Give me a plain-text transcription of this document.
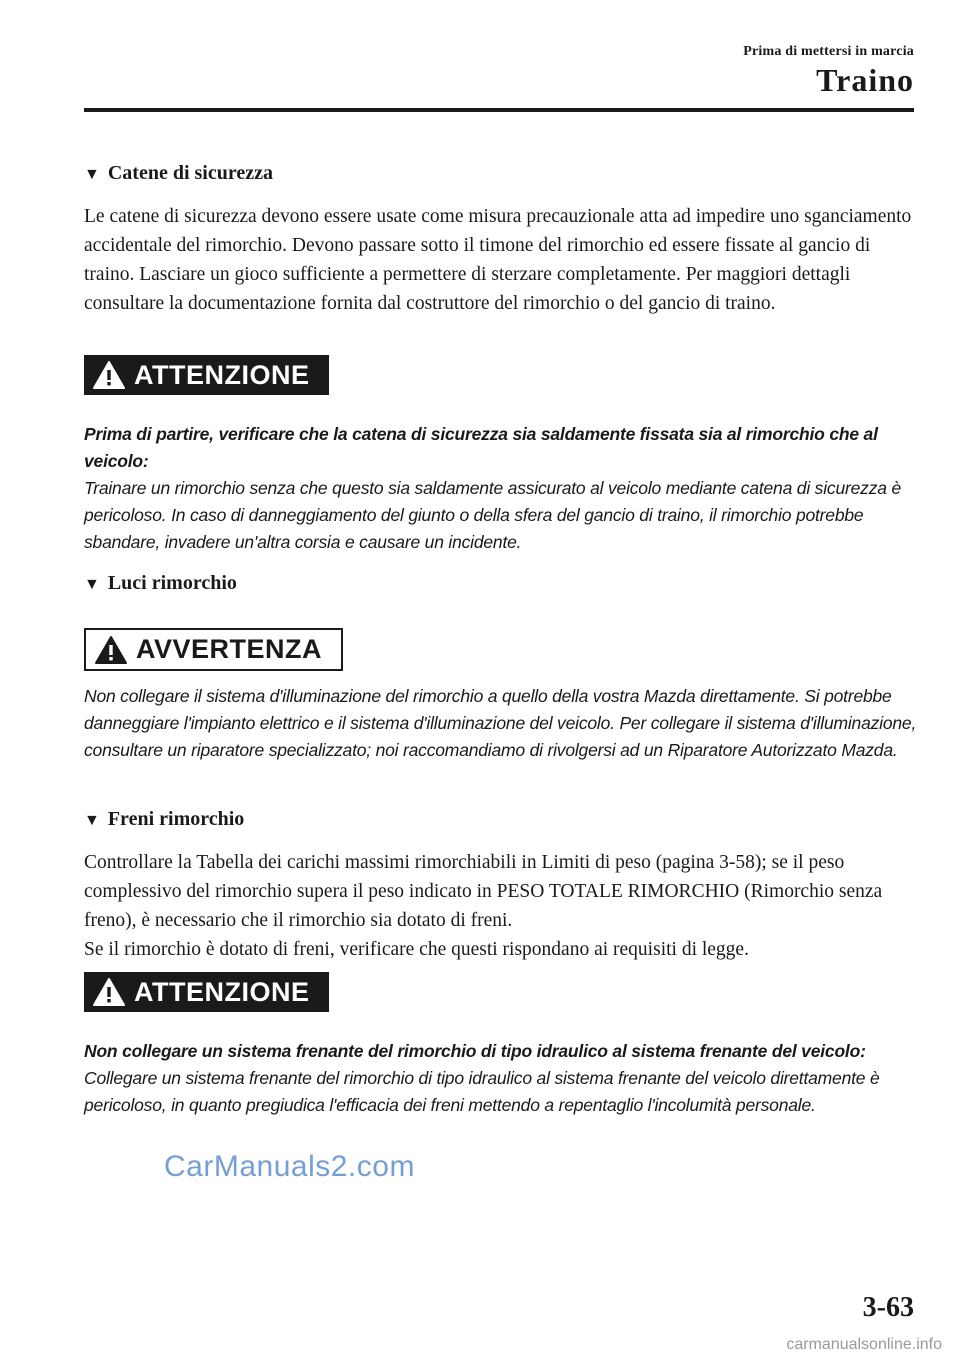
Prima di mettersi in marcia
Traino
▼ Catene di sicurezza

Le catene di sicurezza devono essere usate come misura precauzionale atta ad impedire uno sganciamento accidentale del rimorchio. Devono passare sotto il timone del rimorchio ed essere fissate al gancio di traino. Lasciare un gioco sufficiente a permettere di sterzare completamente. Per maggiori dettagli consultare la documentazione fornita dal costruttore del rimorchio o del gancio di traino.

ATTENZIONE
Prima di partire, verificare che la catena di sicurezza sia saldamente fissata sia al rimorchio che al veicolo:
Trainare un rimorchio senza che questo sia saldamente assicurato al veicolo mediante catena di sicurezza è pericoloso. In caso di danneggiamento del giunto o della sfera del gancio di traino, il rimorchio potrebbe sbandare, invadere un'altra corsia e causare un incidente.
▼ Luci rimorchio
AVVERTENZA
Non collegare il sistema d'illuminazione del rimorchio a quello della vostra Mazda direttamente. Si potrebbe danneggiare l'impianto elettrico e il sistema d'illuminazione del veicolo. Per collegare il sistema d'illuminazione, consultare un riparatore specializzato; noi raccomandiamo di rivolgersi ad un Riparatore Autorizzato Mazda.
▼ Freni rimorchio

Controllare la Tabella dei carichi massimi rimorchiabili in Limiti di peso (pagina 3-58); se il peso complessivo del rimorchio supera il peso indicato in PESO TOTALE RIMORCHIO (Rimorchio senza freno), è necessario che il rimorchio sia dotato di freni.

Se il rimorchio è dotato di freni, verificare che questi rispondano ai requisiti di legge.

ATTENZIONE
Non collegare un sistema frenante del rimorchio di tipo idraulico al sistema frenante del veicolo:
Collegare un sistema frenante del rimorchio di tipo idraulico al sistema frenante del veicolo direttamente è pericoloso, in quanto pregiudica l'efficacia dei freni mettendo a repentaglio l'incolumità personale.
CarManuals2.com
3-63
carmanualsonline.info
